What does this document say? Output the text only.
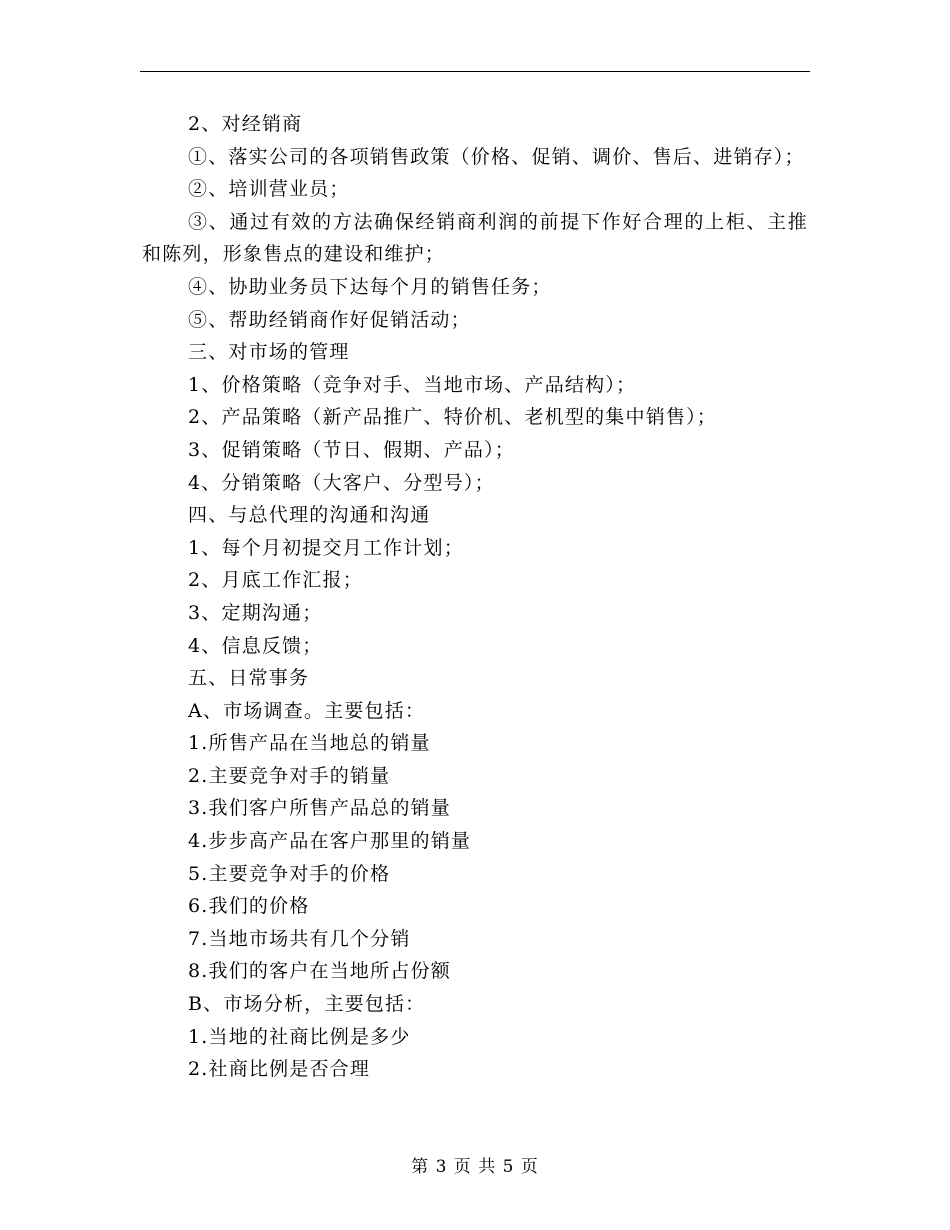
2、对经销商
①、落实公司的各项销售政策（价格、促销、调价、售后、进销存）；
②、培训营业员；
③、通过有效的方法确保经销商利润的前提下作好合理的上柜、主推和陈列，形象售点的建设和维护；
④、协助业务员下达每个月的销售任务；
⑤、帮助经销商作好促销活动；
三、对市场的管理
1、价格策略（竞争对手、当地市场、产品结构）；
2、产品策略（新产品推广、特价机、老机型的集中销售）；
3、促销策略（节日、假期、产品）；
4、分销策略（大客户、分型号）；
四、与总代理的沟通和沟通
1、每个月初提交月工作计划；
2、月底工作汇报；
3、定期沟通；
4、信息反馈；
五、日常事务
A、市场调查。主要包括：
1.所售产品在当地总的销量
2.主要竞争对手的销量
3.我们客户所售产品总的销量
4.步步高产品在客户那里的销量
5.主要竞争对手的价格
6.我们的价格
7.当地市场共有几个分销
8.我们的客户在当地所占份额
B、市场分析，主要包括：
1.当地的社商比例是多少
2.社商比例是否合理
第 3 页 共 5 页
